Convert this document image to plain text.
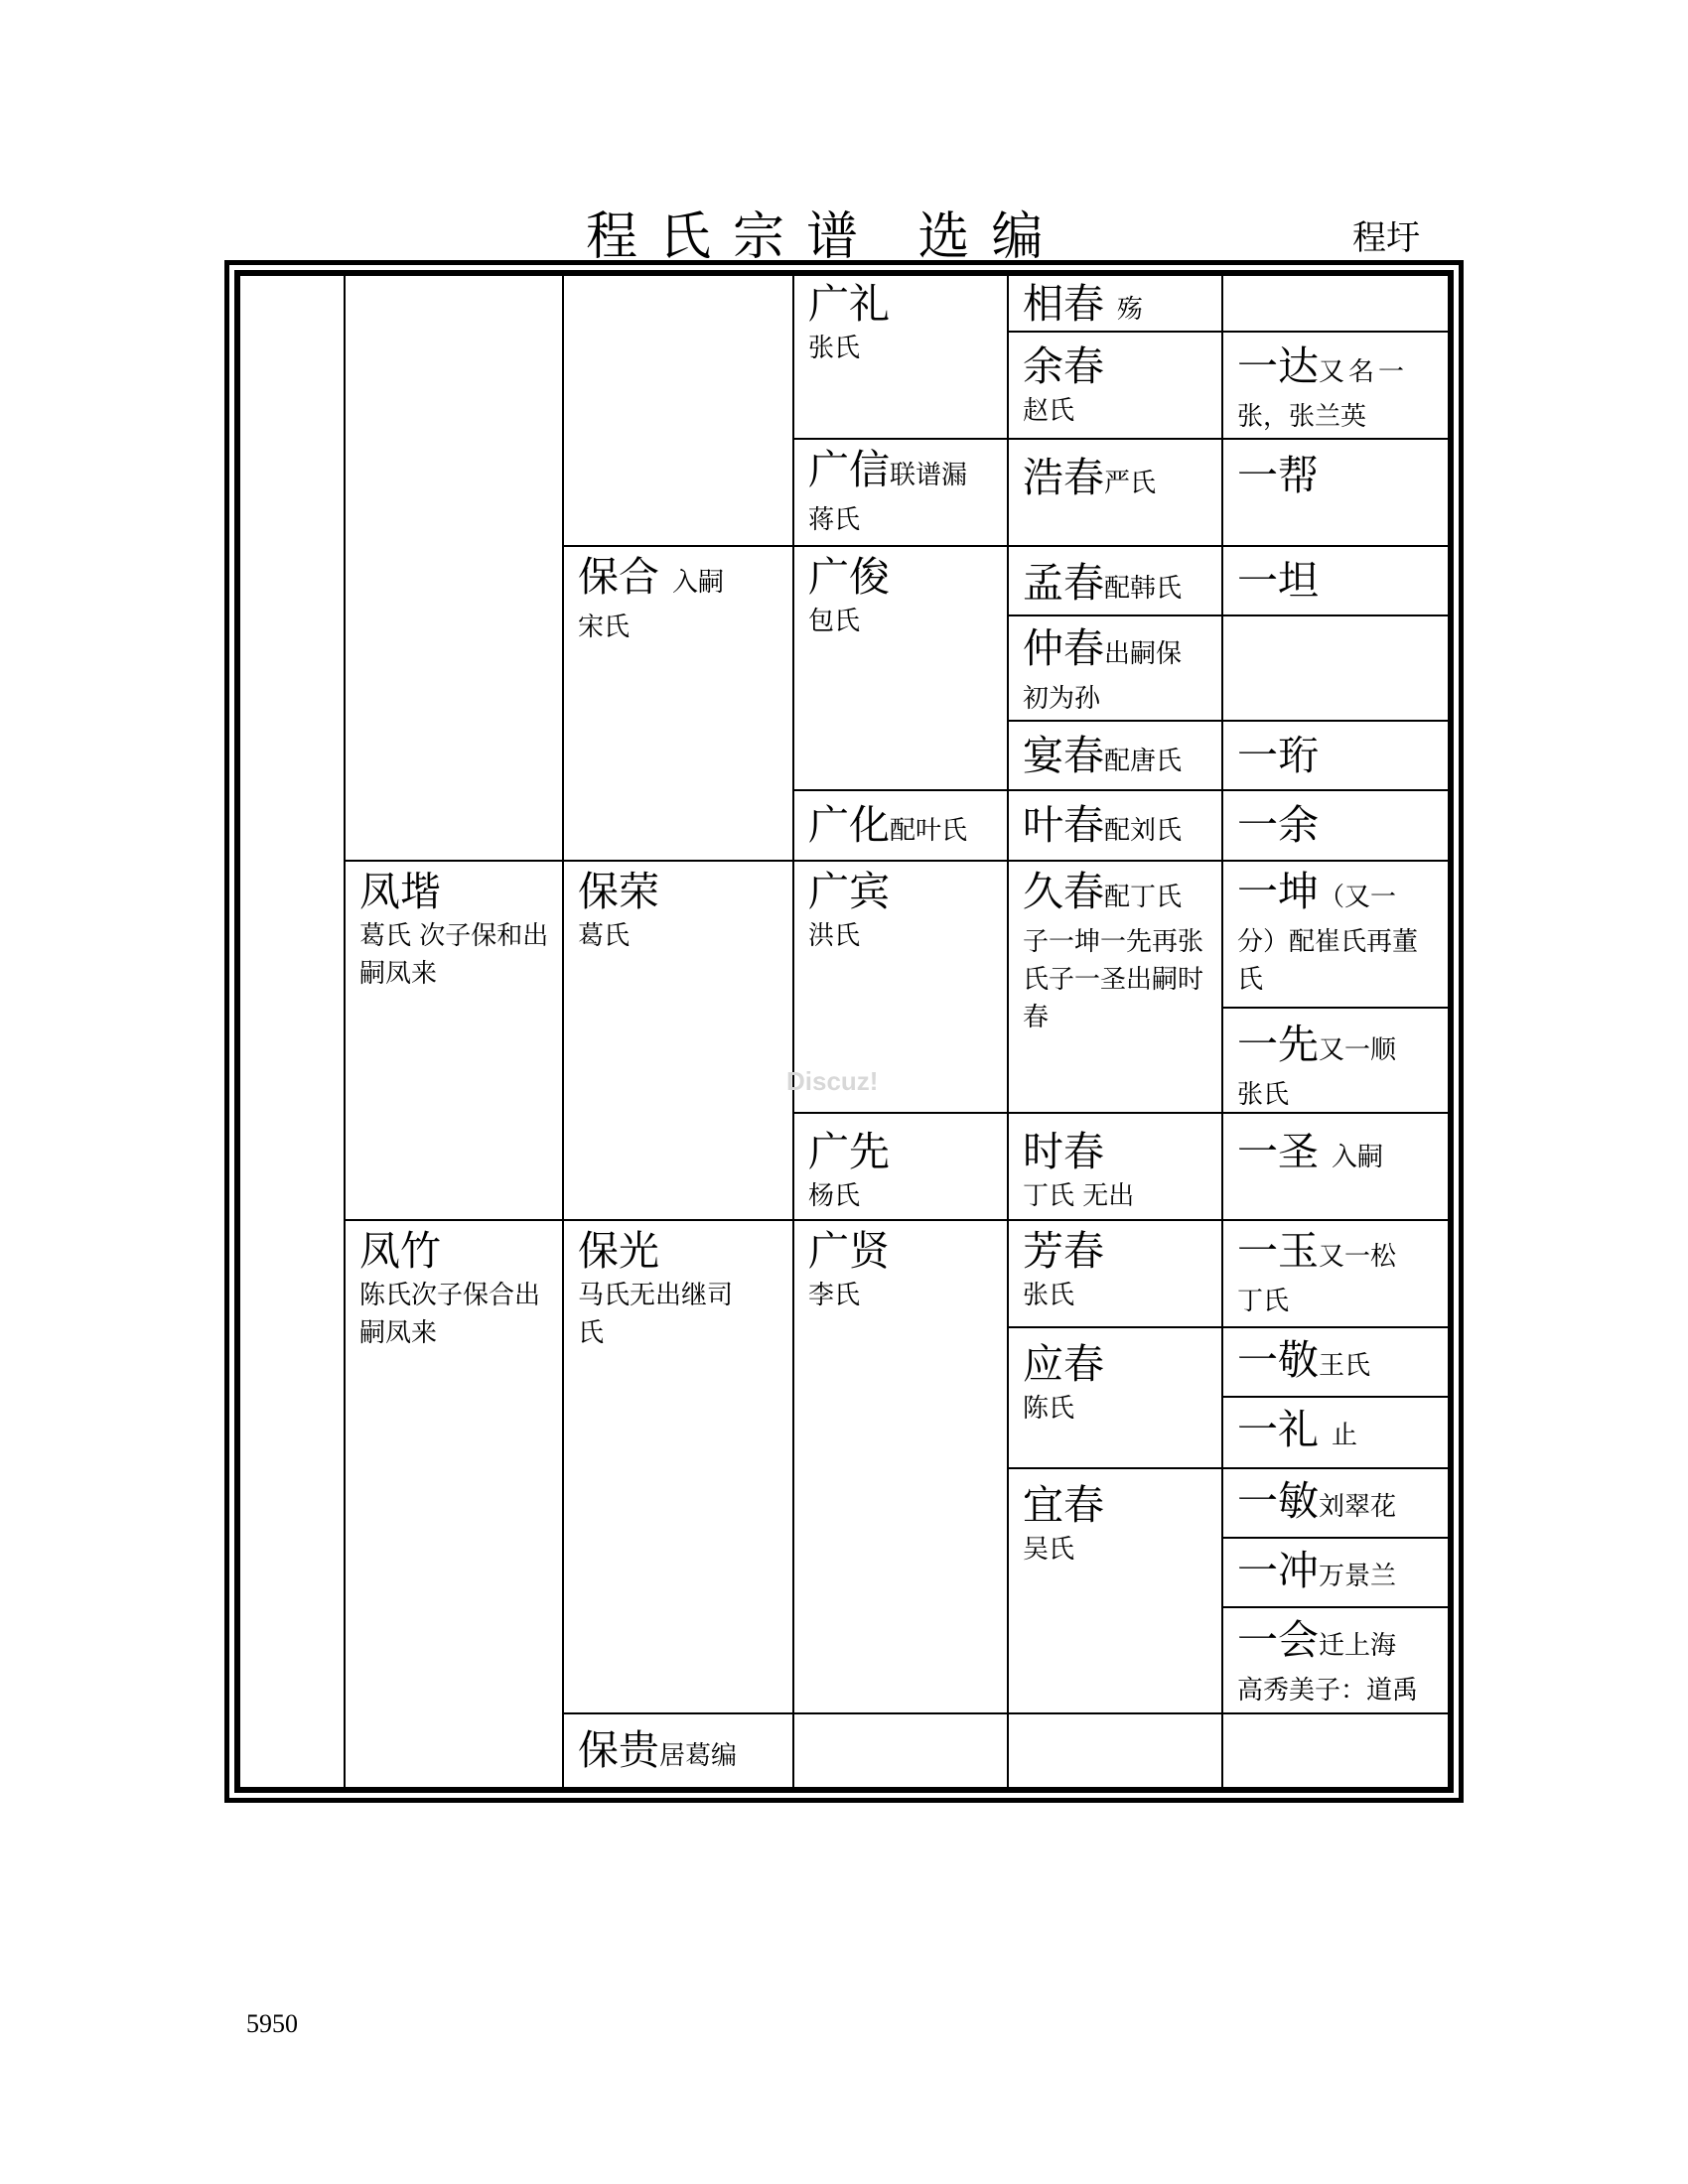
程氏宗谱 选编	程圩
凤堦
葛氏 次子保和出嗣凤来
凤竹
陈氏次子保合出嗣凤来
保合 入嗣
宋氏
保荣
葛氏
保光
马氏无出继司氏
保贵居葛编
广礼
张氏
广信联谱漏
蒋氏
广俊
包氏
广化配叶氏
广宾
洪氏
广先
杨氏
广贤
李氏
相春 殇
余春
赵氏
浩春严氏
孟春配韩氏
仲春出嗣保
初为孙
宴春配唐氏
叶春配刘氏
久春配丁氏
子一坤一先再张氏子一圣出嗣时春
时春
丁氏 无出
芳春
张氏
应春
陈氏
宜春
吴氏
一达又名一
张，张兰英
一帮
一坦
一珩
一余
一坤（又一
分）配崔氏再董氏
一先又一顺
张氏
一圣 入嗣
一玉又一松
丁氏
一敬王氏
一礼 止
一敏刘翠花
一冲万景兰
一会迁上海
高秀美子：道禹
Discuz!
5950
